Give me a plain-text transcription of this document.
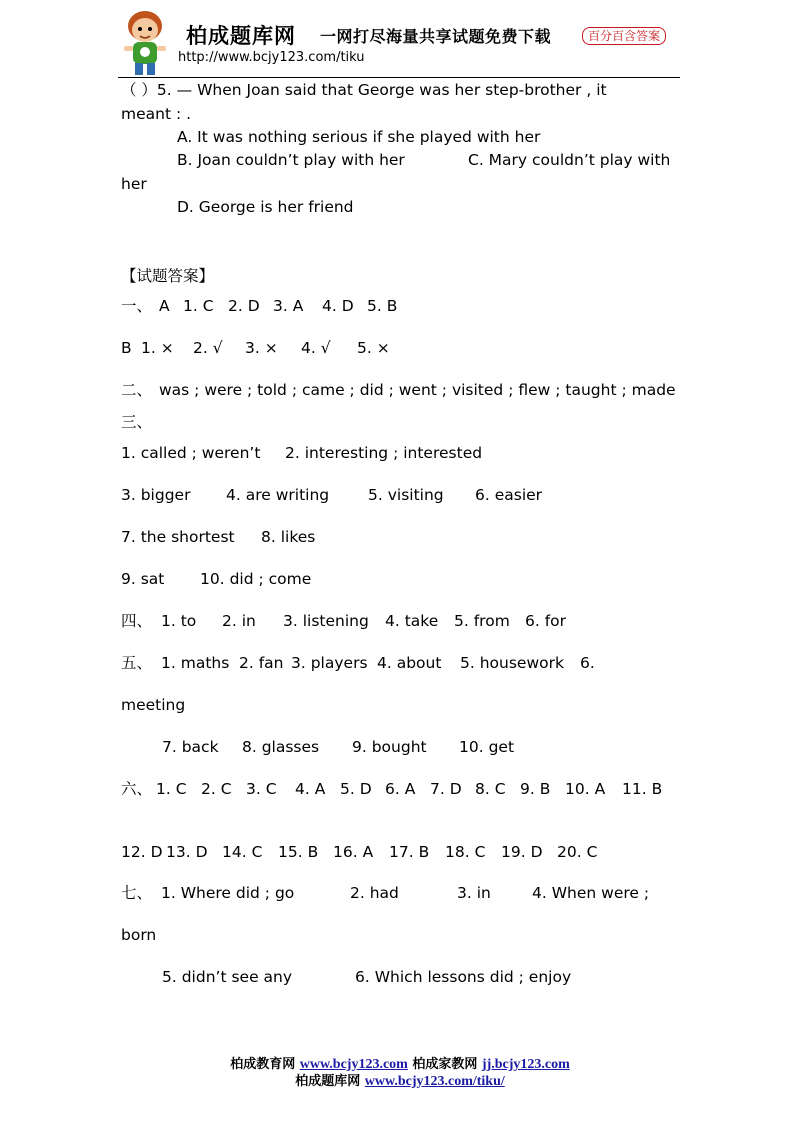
柏成题库网 一网打尽海量共享试题免费下载	百分百含答案
http://www.bcjy123.com/tiku
（ ）5. — When Joan said that George was her step-brother , it
meant : .
A. It was nothing serious if she played with her
B. Joan couldn’t play with her	C. Mary couldn’t play with
her
D. George is her friend
【试题答案】
一、 A 1. C 2. D 3. A 4. D 5. B
B 1. × 2. √ 3. × 4. √ 5. ×
二、 was ; were ; told ; came ; did ; went ; visited ; flew ; taught ; made
三、
1. called ; weren’t 2. interesting ; interested
3. bigger 4. are writing	5. visiting 6. easier
7. the shortest 8. likes
9. sat 10. did ; come
四、 1. to 2. in 3. listening 4. take 5. from 6. for
五、 1. maths 2. fan 3. players 4. about 5. housework 6.
meeting
7. back 8. glasses 9. bought 10. get
六、 1. C 2. C 3. C 4. A 5. D 6. A 7. D 8. C 9. B 10. A 11. B
12. D 13. D 14. C 15. B 16. A 17. B 18. C 19. D 20. C
七、 1. Where did ; go	2. had	3. in	4. When were ;
born
5. didn’t see any	6. Which lessons did ; enjoy
柏成教育网 www.bcjy123.com 柏成家教网 jj.bcjy123.com
柏成题库网 www.bcjy123.com/tiku/
